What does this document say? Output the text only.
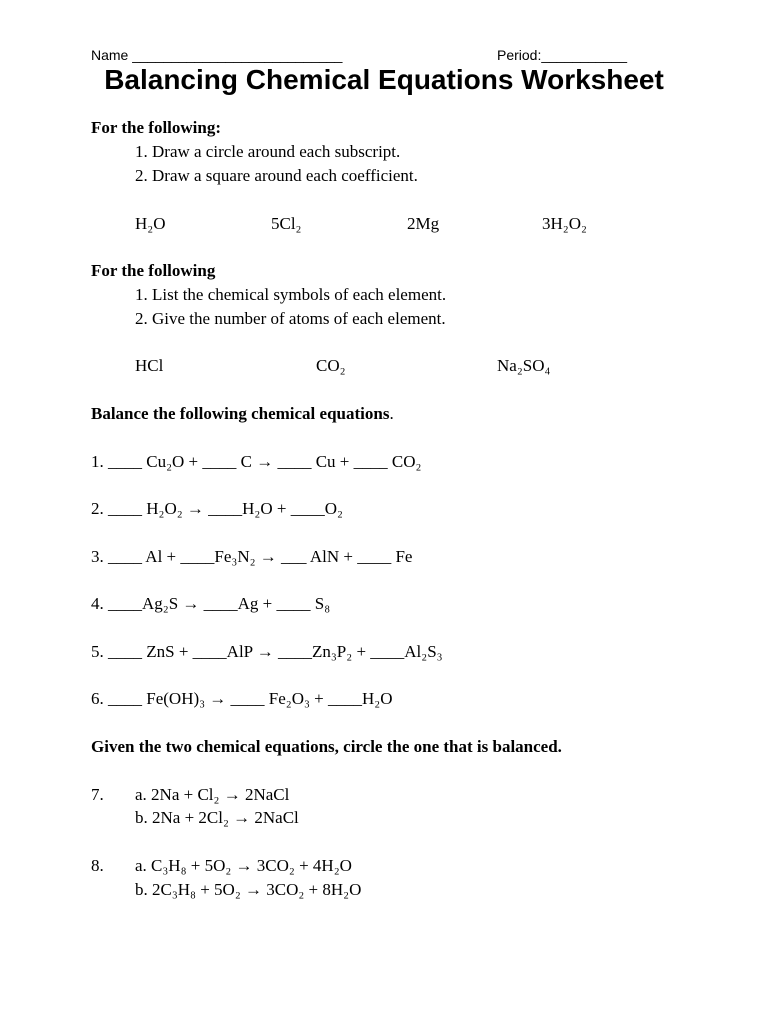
Name ___________________________	Period:___________
Balancing Chemical Equations Worksheet
For the following:
1. Draw a circle around each subscript.
2. Draw a square around each coefficient.
H₂O	5Cl₂	2Mg	3H₂O₂
For the following
1. List the chemical symbols of each element.
2. Give the number of atoms of each element.
HCl	CO₂	Na₂SO₄
Balance the following chemical equations.
1. ____ Cu₂O + ____ C → ____ Cu + ____ CO₂
2. ____ H₂O₂ → ____H₂O + ____O₂
3. ____ Al + ____Fe₃N₂ → ___ AlN + ____ Fe
4. ____Ag₂S → ____Ag + ____ S₈
5. ____ ZnS + ____AlP → ____Zn₃P₂ + ____Al₂S₃
6. ____ Fe(OH)₃ → ____ Fe₂O₃ + ____H₂O
Given the two chemical equations, circle the one that is balanced.
7. a. 2Na + Cl₂ → 2NaCl
b. 2Na + 2Cl₂ → 2NaCl
8. a. C₃H₈ + 5O₂ → 3CO₂ + 4H₂O
b. 2C₃H₈ + 5O₂ → 3CO₂ + 8H₂O
